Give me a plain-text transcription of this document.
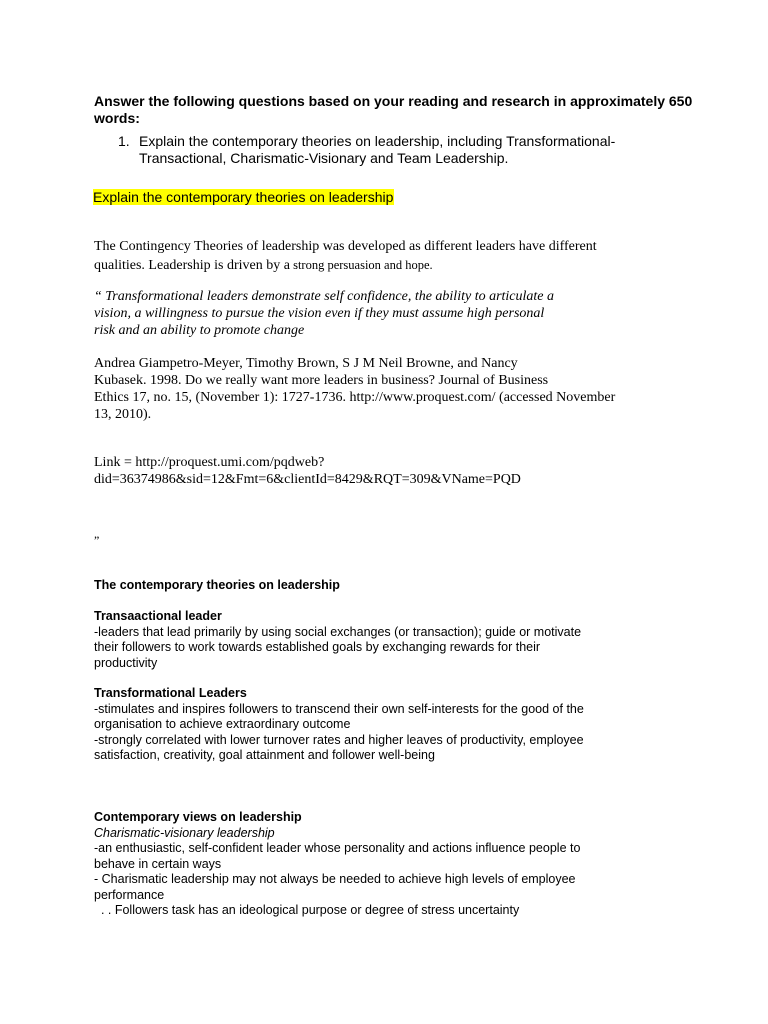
Answer the following questions based on your reading and research in approximately 650 words:
1. Explain the contemporary theories on leadership, including Transformational-Transactional, Charismatic-Visionary and Team Leadership.
Explain the contemporary theories on leadership
The Contingency Theories of leadership was developed as different leaders have different
qualities. Leadership is driven by a strong persuasion and hope.
“ Transformational leaders demonstrate self confidence, the ability to articulate a
vision, a willingness to pursue the vision even if they must assume high personal
risk and an ability to promote change
Andrea Giampetro-Meyer, Timothy Brown, S J M Neil Browne, and Nancy
Kubasek. 1998. Do we really want more leaders in business? Journal of Business
Ethics 17, no. 15, (November 1): 1727-1736. http://www.proquest.com/ (accessed November
13, 2010).
Link = http://proquest.umi.com/pqdweb?
did=36374986&sid=12&Fmt=6&clientId=8429&RQT=309&VName=PQD
”
The contemporary theories on leadership
Transaactional leader
-leaders that lead primarily by using social exchanges (or transaction); guide or motivate
their followers to work towards established goals by exchanging rewards for their
productivity
Transformational Leaders
-stimulates and inspires followers to transcend their own self-interests for the good of the
organisation to achieve extraordinary outcome
-strongly correlated with lower turnover rates and higher leaves of productivity, employee
satisfaction, creativity, goal attainment and follower well-being
Contemporary views on leadership
Charismatic-visionary leadership
-an enthusiastic, self-confident leader whose personality and actions influence people to
behave in certain ways
- Charismatic leadership may not always be needed to achieve high levels of employee
performance
. . Followers task has an ideological purpose or degree of stress uncertainty
